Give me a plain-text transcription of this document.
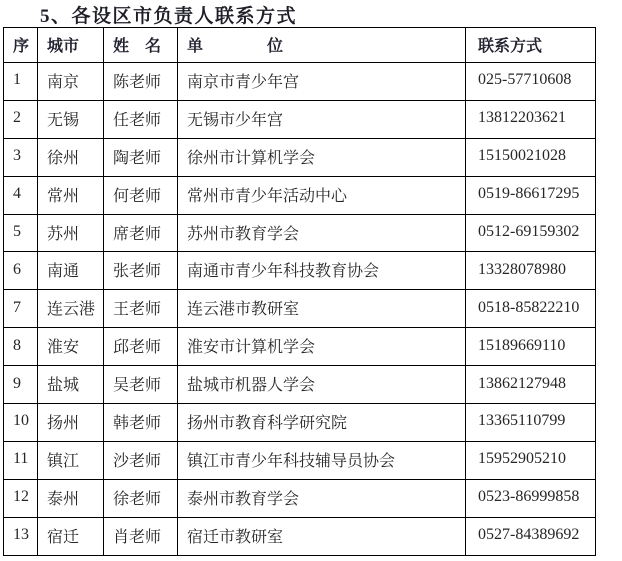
5、各设区市负责人联系方式
序	城市	姓　名	单　　　　位	联系方式
1	南京	陈老师	南京市青少年宫	025-57710608
2	无锡	任老师	无锡市少年宫	13812203621
3	徐州	陶老师	徐州市计算机学会	15150021028
4	常州	何老师	常州市青少年活动中心	0519-86617295
5	苏州	席老师	苏州市教育学会	0512-69159302
6	南通	张老师	南通市青少年科技教育协会	13328078980
7	连云港	王老师	连云港市教研室	0518-85822210
8	淮安	邱老师	淮安市计算机学会	15189669110
9	盐城	吴老师	盐城市机器人学会	13862127948
10	扬州	韩老师	扬州市教育科学研究院	13365110799
11	镇江	沙老师	镇江市青少年科技辅导员协会	15952905210
12	泰州	徐老师	泰州市教育学会	0523-86999858
13	宿迁	肖老师	宿迁市教研室	0527-84389692
